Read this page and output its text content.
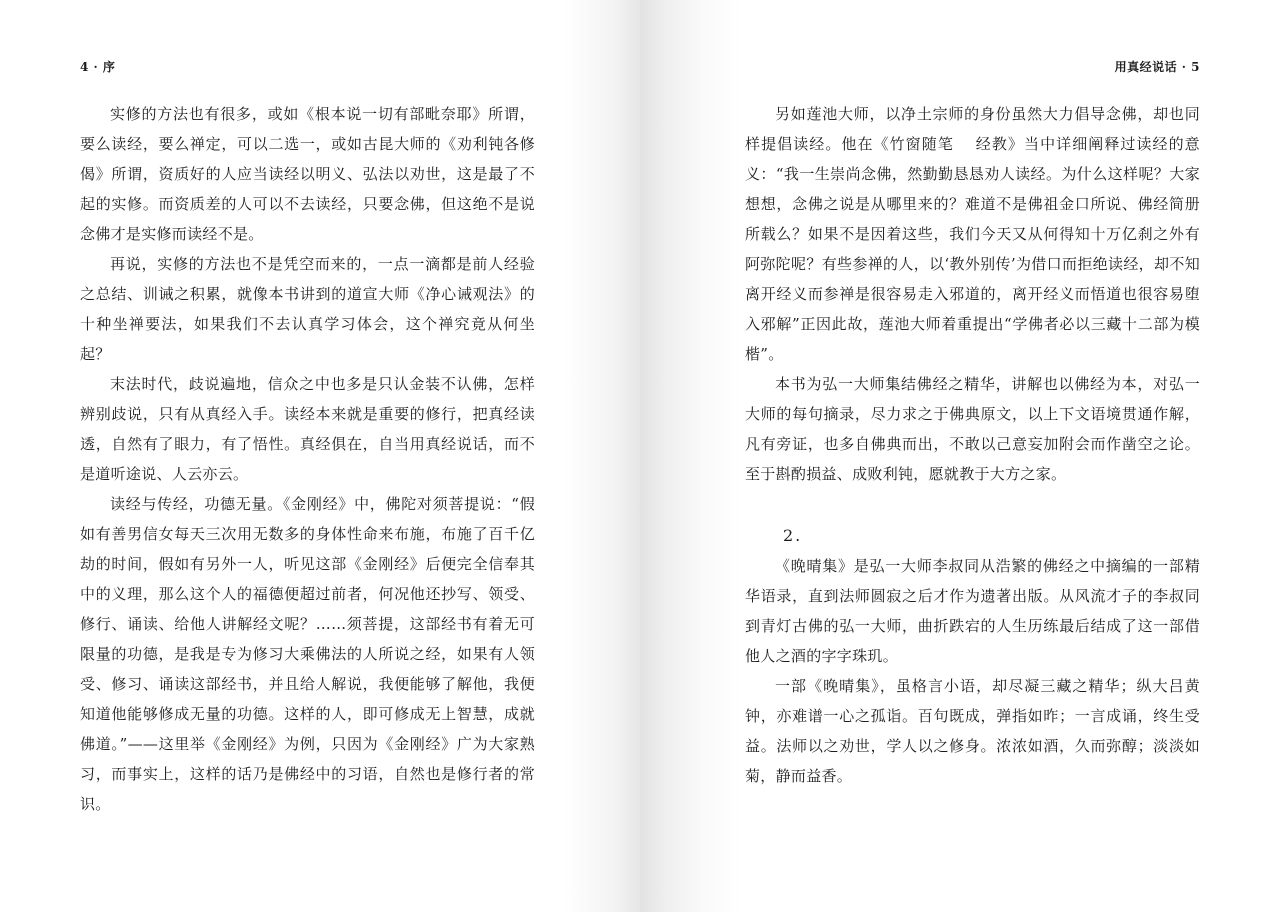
4 · 序

实修的方法也有很多，或如《根本说一切有部毗奈耶》所谓，要么读经，要么禅定，可以二选一，或如古昆大师的《劝利钝各修偈》所谓，资质好的人应当读经以明义、弘法以劝世，这是最了不起的实修。而资质差的人可以不去读经，只要念佛，但这绝不是说念佛才是实修而读经不是。

再说，实修的方法也不是凭空而来的，一点一滴都是前人经验之总结、训诫之积累，就像本书讲到的道宣大师《净心诫观法》的十种坐禅要法，如果我们不去认真学习体会，这个禅究竟从何坐起？

末法时代，歧说遍地，信众之中也多是只认金装不认佛，怎样辨别歧说，只有从真经入手。读经本来就是重要的修行，把真经读透，自然有了眼力，有了悟性。真经俱在，自当用真经说话，而不是道听途说、人云亦云。

读经与传经，功德无量。《金刚经》中，佛陀对须菩提说：“假如有善男信女每天三次用无数多的身体性命来布施，布施了百千亿劫的时间，假如有另外一人，听见这部《金刚经》后便完全信奉其中的义理，那么这个人的福德便超过前者，何况他还抄写、领受、修行、诵读、给他人讲解经文呢？……须菩提，这部经书有着无可限量的功德，是我是专为修习大乘佛法的人所说之经，如果有人领受、修习、诵读这部经书，并且给人解说，我便能够了解他，我便知道他能够修成无量的功德。这样的人，即可修成无上智慧，成就佛道。”——这里举《金刚经》为例，只因为《金刚经》广为大家熟习，而事实上，这样的话乃是佛经中的习语，自然也是修行者的常识。

用真经说话 · 5

另如莲池大师，以净土宗师的身份虽然大力倡导念佛，却也同样提倡读经。他在《竹窗随笔　 经教》当中详细阐释过读经的意义：“我一生崇尚念佛，然勤勤恳恳劝人读经。为什么这样呢？大家想想，念佛之说是从哪里来的？难道不是佛祖金口所说、佛经简册所载么？如果不是因着这些，我们今天又从何得知十万亿刹之外有阿弥陀呢？有些参禅的人，以‘教外别传’为借口而拒绝读经，却不知离开经义而参禅是很容易走入邪道的，离开经义而悟道也很容易堕入邪解”正因此故，莲池大师着重提出“学佛者必以三藏十二部为模楷”。

本书为弘一大师集结佛经之精华，讲解也以佛经为本，对弘一大师的每句摘录，尽力求之于佛典原文，以上下文语境贯通作解，凡有旁证，也多自佛典而出，不敢以己意妄加附会而作凿空之论。至于斟酌损益、成败利钝，愿就教于大方之家。

2.

《晚晴集》是弘一大师李叔同从浩繁的佛经之中摘编的一部精华语录，直到法师圆寂之后才作为遗著出版。从风流才子的李叔同到青灯古佛的弘一大师，曲折跌宕的人生历练最后结成了这一部借他人之酒的字字珠玑。

一部《晚晴集》，虽格言小语，却尽凝三藏之精华；纵大吕黄钟，亦难谱一心之孤诣。百句既成，弹指如昨；一言成诵，终生受益。法师以之劝世，学人以之修身。浓浓如酒，久而弥醇；淡淡如菊，静而益香。
